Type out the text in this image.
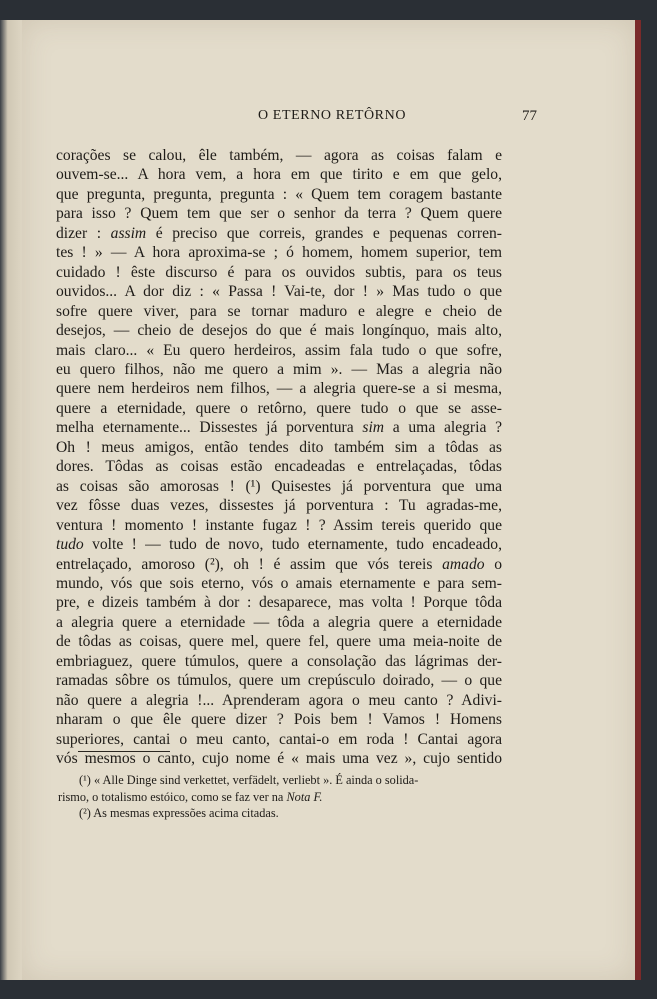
O ETERNO RETÔRNO	77
corações se calou, êle também, — agora as coisas falam e
ouvem-se... A hora vem, a hora em que tirito e em que gelo,
que pregunta, pregunta, pregunta : « Quem tem coragem bastante
para isso ? Quem tem que ser o senhor da terra ? Quem quere
dizer : assim é preciso que correis, grandes e pequenas corren-
tes ! » — A hora aproxima-se ; ó homem, homem superior, tem
cuidado ! êste discurso é para os ouvidos subtis, para os teus
ouvidos... A dor diz : « Passa ! Vai-te, dor ! » Mas tudo o que
sofre quere viver, para se tornar maduro e alegre e cheio de
desejos, — cheio de desejos do que é mais longínquo, mais alto,
mais claro... « Eu quero herdeiros, assim fala tudo o que sofre,
eu quero filhos, não me quero a mim ». — Mas a alegria não
quere nem herdeiros nem filhos, — a alegria quere-se a si mesma,
quere a eternidade, quere o retôrno, quere tudo o que se asse-
melha eternamente... Dissestes já porventura sim a uma alegria ?
Oh ! meus amigos, então tendes dito também sim a tôdas as
dores. Tôdas as coisas estão encadeadas e entrelaçadas, tôdas
as coisas são amorosas ! (¹) Quisestes já porventura que uma
vez fôsse duas vezes, dissestes já porventura : Tu agradas-me,
ventura ! momento ! instante fugaz ! ? Assim tereis querido que
tudo volte ! — tudo de novo, tudo eternamente, tudo encadeado,
entrelaçado, amoroso (²), oh ! é assim que vós tereis amado o
mundo, vós que sois eterno, vós o amais eternamente e para sem-
pre, e dizeis também à dor : desaparece, mas volta ! Porque tôda
a alegria quere a eternidade — tôda a alegria quere a eternidade
de tôdas as coisas, quere mel, quere fel, quere uma meia-noite de
embriaguez, quere túmulos, quere a consolação das lágrimas der-
ramadas sôbre os túmulos, quere um crepúsculo doirado, — o que
não quere a alegria !... Aprenderam agora o meu canto ? Adivi-
nharam o que êle quere dizer ? Pois bem ! Vamos ! Homens
superiores, cantai o meu canto, cantai-o em roda ! Cantai agora
vós mesmos o canto, cujo nome é « mais uma vez », cujo sentido
(¹) « Alle Dinge sind verkettet, verfädelt, verliebt ». É ainda o solida-
rismo, o totalismo estóico, como se faz ver na Nota F.
(²) As mesmas expressões acima citadas.
